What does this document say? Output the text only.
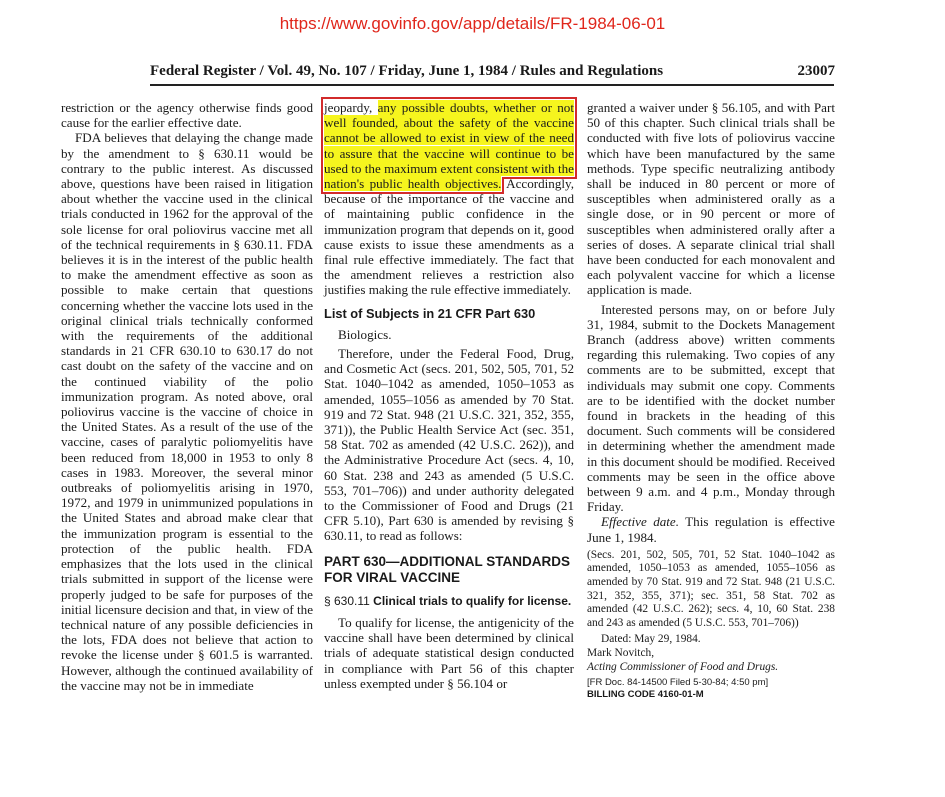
https://www.govinfo.gov/app/details/FR-1984-06-01
Federal Register / Vol. 49, No. 107 / Friday, June 1, 1984 / Rules and Regulations	23007

restriction or the agency otherwise finds good cause for the earlier effective date.

FDA believes that delaying the change made by the amendment to § 630.11 would be contrary to the public interest. As discussed above, questions have been raised in litigation about whether the vaccine used in the clinical trials conducted in 1962 for the approval of the sole license for oral poliovirus vaccine met all of the technical requirements in § 630.11. FDA believes it is in the interest of the public health to make the amendment effective as soon as possible to make certain that questions concerning whether the vaccine lots used in the original clinical trials technically conformed with the requirements of the additional standards in 21 CFR 630.10 to 630.17 do not cast doubt on the safety of the vaccine and on the continued viability of the polio immunization program. As noted above, oral poliovirus vaccine is the vaccine of choice in the United States. As a result of the use of the vaccine, cases of paralytic poliomyelitis have been reduced from 18,000 in 1953 to only 8 cases in 1983. Moreover, the several minor outbreaks of poliomyelitis arising in 1970, 1972, and 1979 in unimmunized populations in the United States and abroad make clear that the immunization program is essential to the protection of the public health. FDA emphasizes that the lots used in the clinical trials submitted in support of the license were properly judged to be safe for purposes of the initial licensure decision and that, in view of the technical nature of any possible deficiencies in the lots, FDA does not believe that action to revoke the license under § 601.5 is warranted. However, although the continued availability of the vaccine may not be in immediate

jeopardy, any possible doubts, whether or not well founded, about the safety of the vaccine cannot be allowed to exist in view of the need to assure that the vaccine will continue to be used to the maximum extent consistent with the nation's public health objectives. Accordingly, because of the importance of the vaccine and of maintaining public confidence in the immunization program that depends on it, good cause exists to issue these amendments as a final rule effective immediately. The fact that the amendment relieves a restriction also justifies making the rule effective immediately.

List of Subjects in 21 CFR Part 630

Biologics.

Therefore, under the Federal Food, Drug, and Cosmetic Act (secs. 201, 502, 505, 701, 52 Stat. 1040–1042 as amended, 1050–1053 as amended, 1055–1056 as amended by 70 Stat. 919 and 72 Stat. 948 (21 U.S.C. 321, 352, 355, 371)), the Public Health Service Act (sec. 351, 58 Stat. 702 as amended (42 U.S.C. 262)), and the Administrative Procedure Act (secs. 4, 10, 60 Stat. 238 and 243 as amended (5 U.S.C. 553, 701–706)) and under authority delegated to the Commissioner of Food and Drugs (21 CFR 5.10), Part 630 is amended by revising § 630.11, to read as follows:

PART 630—ADDITIONAL STANDARDS FOR VIRAL VACCINE
§ 630.11 Clinical trials to qualify for license.

To qualify for license, the antigenicity of the vaccine shall have been determined by clinical trials of adequate statistical design conducted in compliance with Part 56 of this chapter unless exempted under § 56.104 or

granted a waiver under § 56.105, and with Part 50 of this chapter. Such clinical trials shall be conducted with five lots of poliovirus vaccine which have been manufactured by the same methods. Type specific neutralizing antibody shall be induced in 80 percent or more of susceptibles when administered orally as a single dose, or in 90 percent or more of susceptibles when administered orally after a series of doses. A separate clinical trial shall have been conducted for each monovalent and each polyvalent vaccine for which a license application is made.

Interested persons may, on or before July 31, 1984, submit to the Dockets Management Branch (address above) written comments regarding this rulemaking. Two copies of any comments are to be submitted, except that individuals may submit one copy. Comments are to be identified with the docket number found in brackets in the heading of this document. Such comments will be considered in determining whether the amendment made in this document should be modified. Received comments may be seen in the office above between 9 a.m. and 4 p.m., Monday through Friday.

Effective date. This regulation is effective June 1, 1984.

(Secs. 201, 502, 505, 701, 52 Stat. 1040–1042 as amended, 1050–1053 as amended, 1055–1056 as amended by 70 Stat. 919 and 72 Stat. 948 (21 U.S.C. 321, 352, 355, 371); sec. 351, 58 Stat. 702 as amended (42 U.S.C. 262); secs. 4, 10, 60 Stat. 238 and 243 as amended (5 U.S.C. 553, 701–706))

Dated: May 29, 1984.

Mark Novitch,

Acting Commissioner of Food and Drugs.

[FR Doc. 84-14500 Filed 5-30-84; 4:50 pm]

BILLING CODE 4160-01-M
